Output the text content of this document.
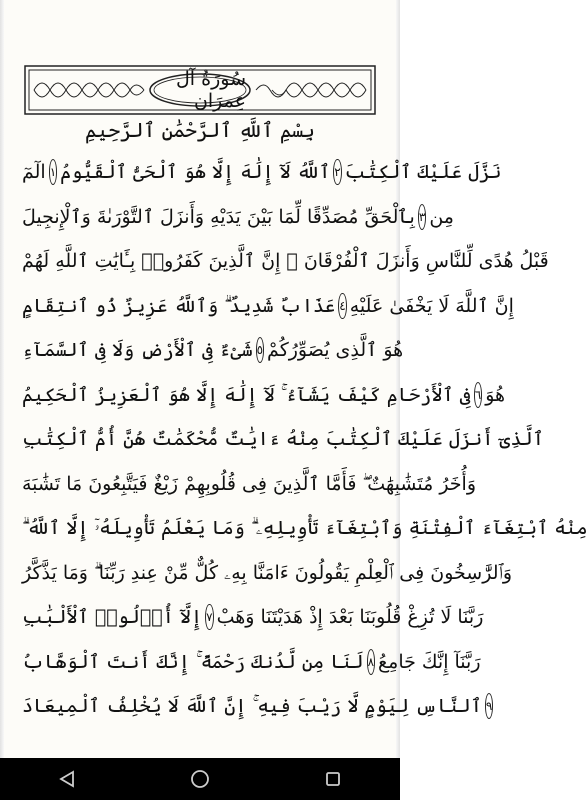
سُورَةُ آل عِمرَان
بِسْمِ ٱللَّهِ ٱلرَّحْمَٰنِ ٱلرَّحِيمِ
الٓمٓ ١ ٱللَّهُ لَآ إِلَٰهَ إِلَّا هُوَ ٱلْحَىُّ ٱلْقَيُّومُ ٢ نَزَّلَ عَلَيْكَ ٱلْكِتَٰبَ
بِٱلْحَقِّ مُصَدِّقًا لِّمَا بَيْنَ يَدَيْهِ وَأَنزَلَ ٱلتَّوْرَىٰةَ وَٱلْإِنجِيلَ ٣ مِن
قَبْلُ هُدًى لِّلنَّاسِ وَأَنزَلَ ٱلْفُرْقَانَ ۗ إِنَّ ٱلَّذِينَ كَفَرُوا۟ بِـَٔايَٰتِ ٱللَّهِ لَهُمْ
عَذَابٌ شَدِيدٌ ۗ وَٱللَّهُ عَزِيزٌ ذُو ٱنتِقَامٍ ٤ إِنَّ ٱللَّهَ لَا يَخْفَىٰ عَلَيْهِ
شَىْءٌ فِى ٱلْأَرْضِ وَلَا فِى ٱلسَّمَآءِ ٥ هُوَ ٱلَّذِى يُصَوِّرُكُمْ
فِى ٱلْأَرْحَامِ كَيْفَ يَشَآءُ ۚ لَآ إِلَٰهَ إِلَّا هُوَ ٱلْعَزِيزُ ٱلْحَكِيمُ ٦ هُوَ
ٱلَّذِىٓ أَنزَلَ عَلَيْكَ ٱلْكِتَٰبَ مِنْهُ ءَايَٰتٌ مُّحْكَمَٰتٌ هُنَّ أُمُّ ٱلْكِتَٰبِ
وَأُخَرُ مُتَشَٰبِهَٰتٌ ۖ فَأَمَّا ٱلَّذِينَ فِى قُلُوبِهِمْ زَيْغٌ فَيَتَّبِعُونَ مَا تَشَٰبَهَ
مِنْهُ ٱبْتِغَآءَ ٱلْفِتْنَةِ وَٱبْتِغَآءَ تَأْوِيلِهِۦ ۗ وَمَا يَعْلَمُ تَأْوِيلَهُۥٓ إِلَّا ٱللَّهُ ۗ
وَٱلرَّٰسِخُونَ فِى ٱلْعِلْمِ يَقُولُونَ ءَامَنَّا بِهِۦ كُلٌّ مِّنْ عِندِ رَبِّنَا ۗ وَمَا يَذَّكَّرُ
إِلَّآ أُو۟لُوا۟ ٱلْأَلْبَٰبِ ٧ رَبَّنَا لَا تُزِغْ قُلُوبَنَا بَعْدَ إِذْ هَدَيْتَنَا وَهَبْ
لَنَا مِن لَّدُنكَ رَحْمَةً ۚ إِنَّكَ أَنتَ ٱلْوَهَّابُ ٨ رَبَّنَآ إِنَّكَ جَامِعُ
ٱلنَّاسِ لِيَوْمٍ لَّا رَيْبَ فِيهِ ۚ إِنَّ ٱللَّهَ لَا يُخْلِفُ ٱلْمِيعَادَ ٩
